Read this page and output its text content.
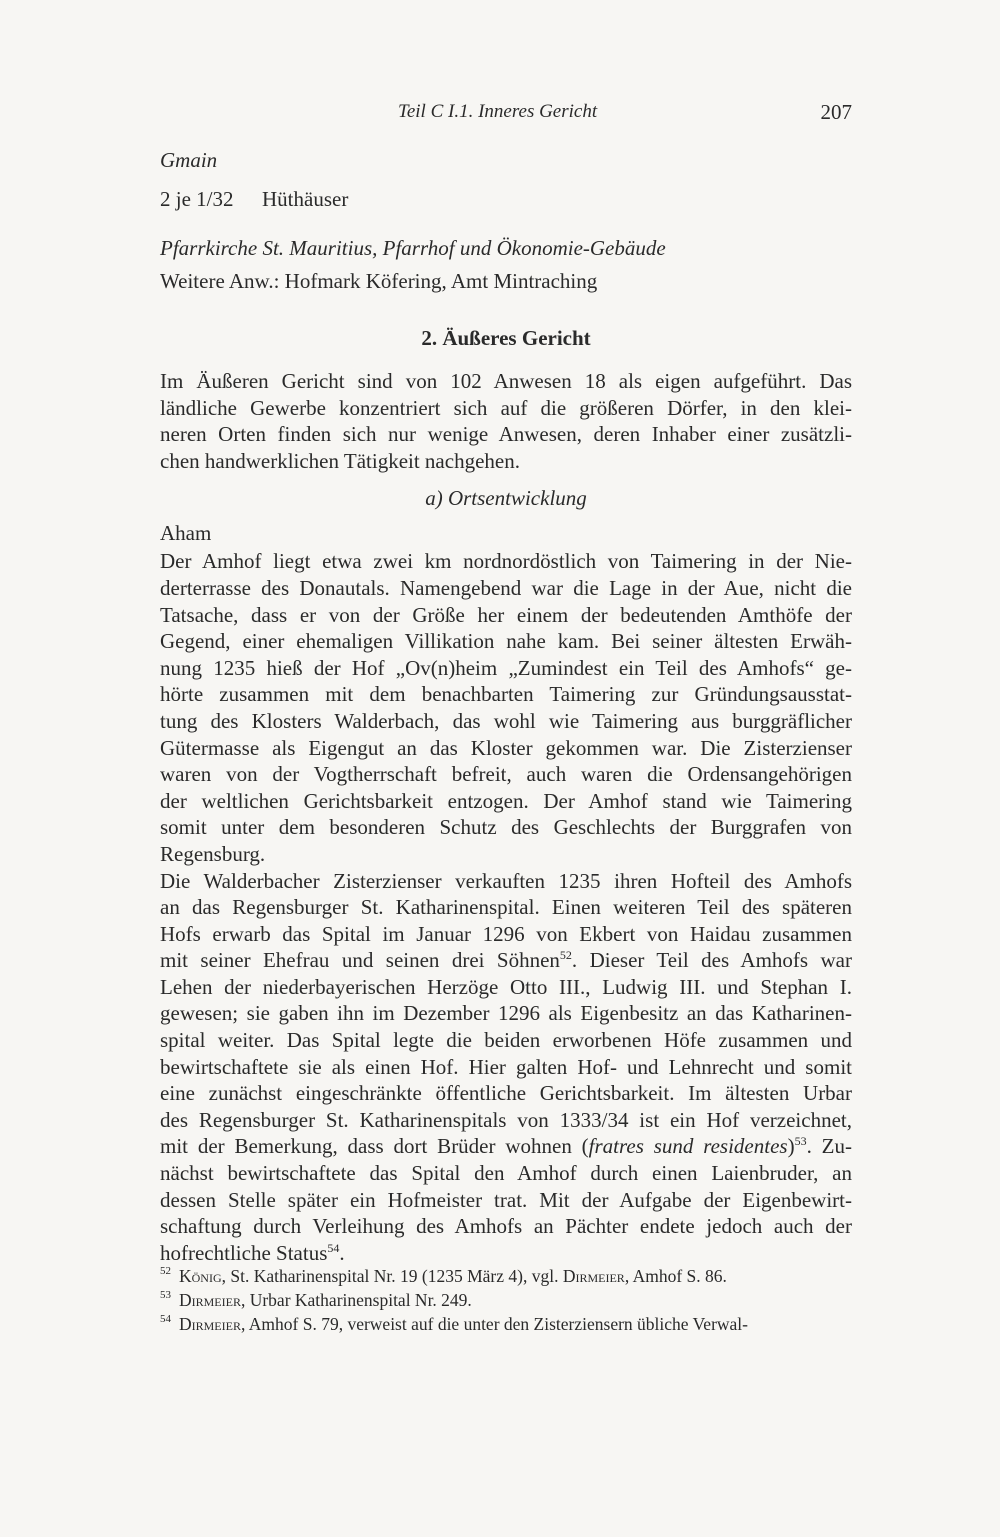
Teil C I.1. Inneres Gericht	207

Gmain

2 je 1/32 Hüthäuser

Pfarrkirche St. Mauritius, Pfarrhof und Ökonomie-Gebäude

Weitere Anw.: Hofmark Köfering, Amt Mintraching

2. Äußeres Gericht

Im Äußeren Gericht sind von 102 Anwesen 18 als eigen aufgeführt. Das
ländliche Gewerbe konzentriert sich auf die größeren Dörfer, in den klei-
neren Orten finden sich nur wenige Anwesen, deren Inhaber einer zusätzli-
chen handwerklichen Tätigkeit nachgehen.

a) Ortsentwicklung

Aham

Der Amhof liegt etwa zwei km nordnordöstlich von Taimering in der Nie-
derterrasse des Donautals. Namengebend war die Lage in der Aue, nicht die
Tatsache, dass er von der Größe her einem der bedeutenden Amthöfe der
Gegend, einer ehemaligen Villikation nahe kam. Bei seiner ältesten Erwäh-
nung 1235 hieß der Hof „Ov(n)heim „Zumindest ein Teil des Amhofs“ ge-
hörte zusammen mit dem benachbarten Taimering zur Gründungsausstat-
tung des Klosters Walderbach, das wohl wie Taimering aus burggräflicher
Gütermasse als Eigengut an das Kloster gekommen war. Die Zisterzienser
waren von der Vogtherrschaft befreit, auch waren die Ordensangehörigen
der weltlichen Gerichtsbarkeit entzogen. Der Amhof stand wie Taimering
somit unter dem besonderen Schutz des Geschlechts der Burggrafen von
Regensburg.

Die Walderbacher Zisterzienser verkauften 1235 ihren Hofteil des Amhofs
an das Regensburger St. Katharinenspital. Einen weiteren Teil des späteren
Hofs erwarb das Spital im Januar 1296 von Ekbert von Haidau zusammen
mit seiner Ehefrau und seinen drei Söhnen$^{52}$. Dieser Teil des Amhofs war
Lehen der niederbayerischen Herzöge Otto III., Ludwig III. und Stephan I.
gewesen; sie gaben ihn im Dezember 1296 als Eigenbesitz an das Katharinen-
spital weiter. Das Spital legte die beiden erworbenen Höfe zusammen und
bewirtschaftete sie als einen Hof. Hier galten Hof- und Lehnrecht und somit
eine zunächst eingeschränkte öffentliche Gerichtsbarkeit. Im ältesten Urbar
des Regensburger St. Katharinenspitals von 1333/34 ist ein Hof verzeichnet,
mit der Bemerkung, dass dort Brüder wohnen (fratres sund residentes)$^{53}$. Zu-
nächst bewirtschaftete das Spital den Amhof durch einen Laienbruder, an
dessen Stelle später ein Hofmeister trat. Mit der Aufgabe der Eigenbewirt-
schaftung durch Verleihung des Amhofs an Pächter endete jedoch auch der
hofrechtliche Status$^{54}$.

$^{52}$ König, St. Katharinenspital Nr. 19 (1235 März 4), vgl. Dirmeier, Amhof S. 86.

$^{53}$ Dirmeier, Urbar Katharinenspital Nr. 249.

$^{54}$ Dirmeier, Amhof S. 79, verweist auf die unter den Zisterziensern übliche Verwal-
